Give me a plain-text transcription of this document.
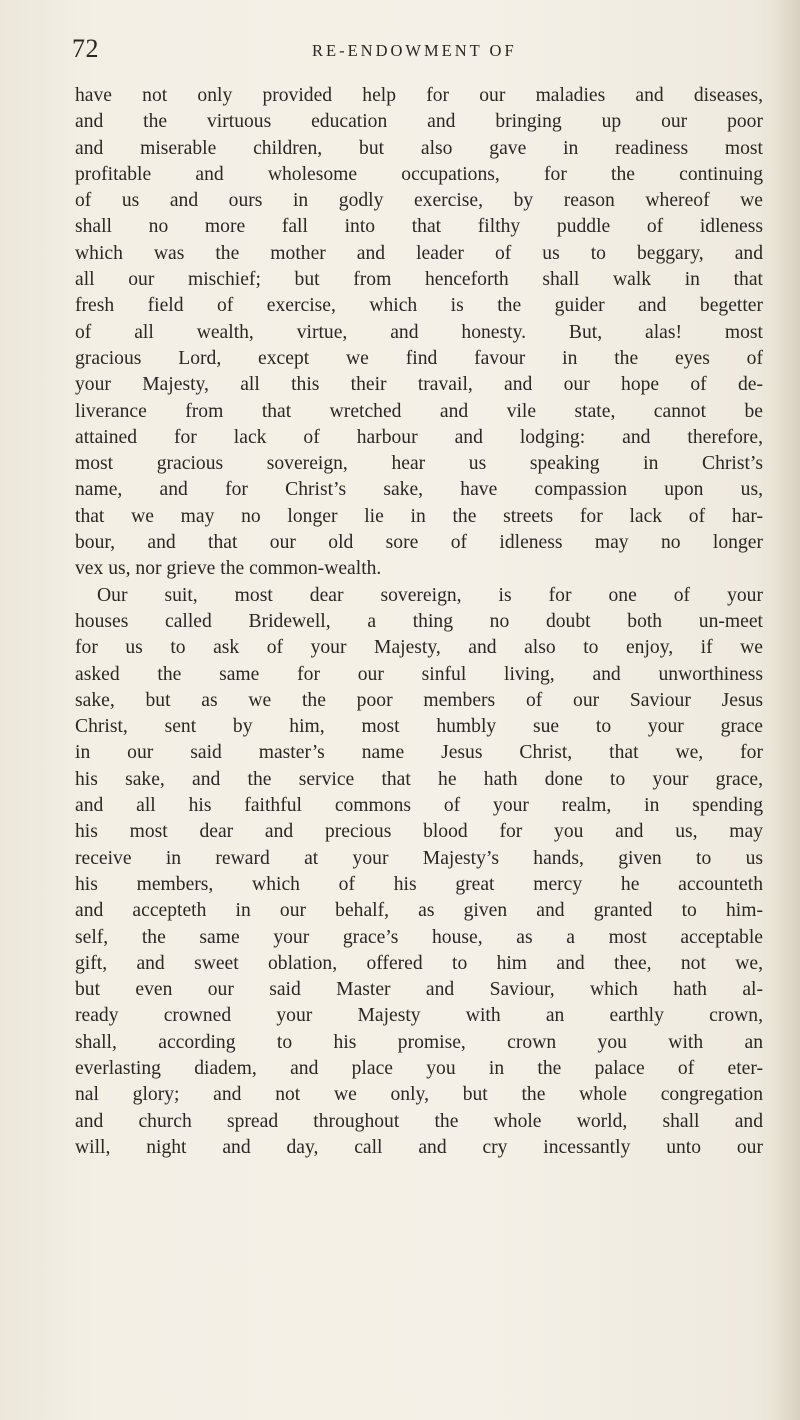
72	RE-ENDOWMENT OF
have not only provided help for our maladies and diseases,
and the virtuous education and bringing up our poor
and miserable children, but also gave in readiness most
profitable and wholesome occupations, for the continuing
of us and ours in godly exercise, by reason whereof we
shall no more fall into that filthy puddle of idleness
which was the mother and leader of us to beggary, and
all our mischief; but from henceforth shall walk in that
fresh field of exercise, which is the guider and begetter
of all wealth, virtue, and honesty. But, alas! most
gracious Lord, except we find favour in the eyes of
your Majesty, all this their travail, and our hope of de-
liverance from that wretched and vile state, cannot be
attained for lack of harbour and lodging: and therefore,
most gracious sovereign, hear us speaking in Christ’s
name, and for Christ’s sake, have compassion upon us,
that we may no longer lie in the streets for lack of har-
bour, and that our old sore of idleness may no longer
vex us, nor grieve the common-wealth.
Our suit, most dear sovereign, is for one of your
houses called Bridewell, a thing no doubt both un-meet
for us to ask of your Majesty, and also to enjoy, if we
asked the same for our sinful living, and unworthiness
sake, but as we the poor members of our Saviour Jesus
Christ, sent by him, most humbly sue to your grace
in our said master’s name Jesus Christ, that we, for
his sake, and the service that he hath done to your grace,
and all his faithful commons of your realm, in spending
his most dear and precious blood for you and us, may
receive in reward at your Majesty’s hands, given to us
his members, which of his great mercy he accounteth
and accepteth in our behalf, as given and granted to him-
self, the same your grace’s house, as a most acceptable
gift, and sweet oblation, offered to him and thee, not we,
but even our said Master and Saviour, which hath al-
ready crowned your Majesty with an earthly crown,
shall, according to his promise, crown you with an
everlasting diadem, and place you in the palace of eter-
nal glory; and not we only, but the whole congregation
and church spread throughout the whole world, shall and
will, night and day, call and cry incessantly unto our
